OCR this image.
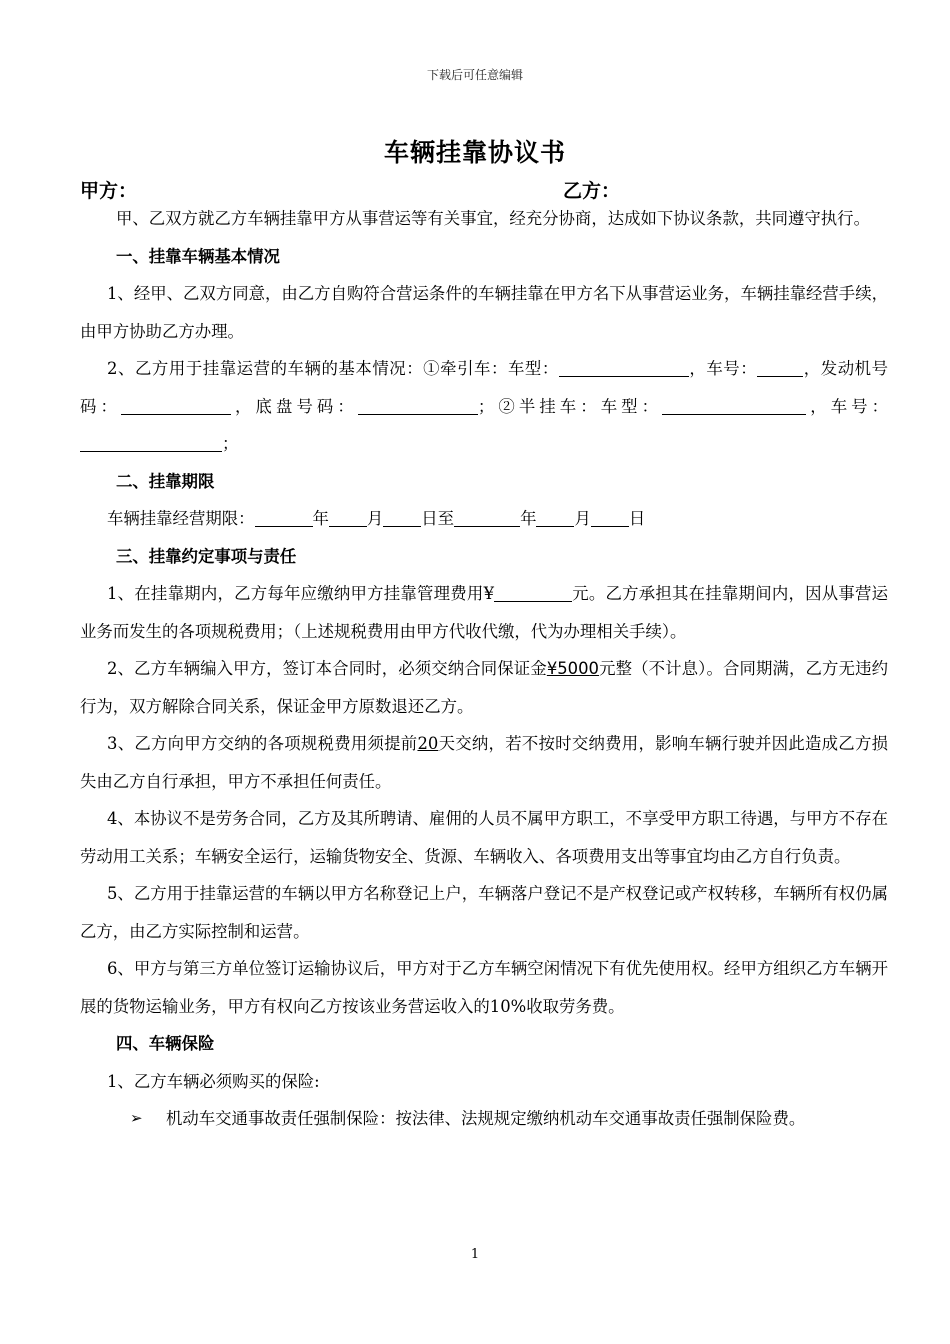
下载后可任意编辑
车辆挂靠协议书
甲方：	乙方：

甲、乙双方就乙方车辆挂靠甲方从事营运等有关事宜，经充分协商，达成如下协议条款，共同遵守执行。

一、挂靠车辆基本情况

1、经甲、乙双方同意，由乙方自购符合营运条件的车辆挂靠在甲方名下从事营运业务，车辆挂靠经营手续，由甲方协助乙方办理。

2、乙方用于挂靠运营的车辆的基本情况：①牵引车：车型：	，车号：	，发动机号码：	，底盘号码：	；②半挂车：车型：	，车号：；

二、挂靠期限

车辆挂靠经营期限：	年 月 日至	年 月 日

三、挂靠约定事项与责任

1、在挂靠期内，乙方每年应缴纳甲方挂靠管理费用¥	元。乙方承担其在挂靠期间内，因从事营运业务而发生的各项规税费用；（上述规税费用由甲方代收代缴，代为办理相关手续）。

2、乙方车辆编入甲方，签订本合同时，必须交纳合同保证金¥5000元整（不计息）。合同期满，乙方无违约行为，双方解除合同关系，保证金甲方原数退还乙方。

3、乙方向甲方交纳的各项规税费用须提前20天交纳，若不按时交纳费用，影响车辆行驶并因此造成乙方损失由乙方自行承担，甲方不承担任何责任。

4、本协议不是劳务合同，乙方及其所聘请、雇佣的人员不属甲方职工，不享受甲方职工待遇，与甲方不存在劳动用工关系；车辆安全运行，运输货物安全、货源、车辆收入、各项费用支出等事宜均由乙方自行负责。

5、乙方用于挂靠运营的车辆以甲方名称登记上户，车辆落户登记不是产权登记或产权转移，车辆所有权仍属乙方，由乙方实际控制和运营。

6、甲方与第三方单位签订运输协议后，甲方对于乙方车辆空闲情况下有优先使用权。经甲方组织乙方车辆开展的货物运输业务，甲方有权向乙方按该业务营运收入的10%收取劳务费。

四、车辆保险

1、乙方车辆必须购买的保险:

➢ 机动车交通事故责任强制保险：按法律、法规规定缴纳机动车交通事故责任强制保险费。
1
